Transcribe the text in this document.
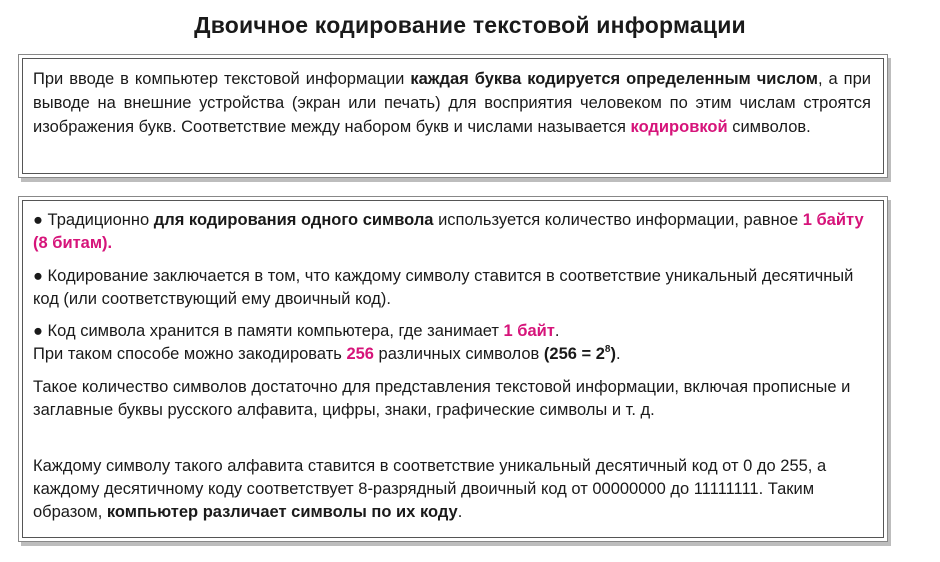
Двоичное кодирование текстовой информации

При вводе в компьютер текстовой информации каждая буква кодируется определенным числом, а при выводе на внешние устройства (экран или печать) для восприятия человеком по этим числам строятся изображения букв. Соответствие между набором букв и числами называется кодировкой символов.

● Традиционно для кодирования одного символа используется количество информации, равное 1 байту (8 битам).
● Кодирование заключается в том, что каждому символу ставится в соответствие уникальный десятичный код (или соответствующий ему двоичный код).
● Код символа хранится в памяти компьютера, где занимает 1 байт.
При таком способе можно закодировать 256 различных символов $(256 = 2^8)$.
Такое количество символов достаточно для представления текстовой информации, включая прописные и заглавные буквы русского алфавита, цифры, знаки, графические символы и т. д.
Каждому символу такого алфавита ставится в соответствие уникальный десятичный код от 0 до 255, а каждому десятичному коду соответствует 8-разрядный двоичный код от 00000000 до 11111111. Таким образом, компьютер различает символы по их коду.
